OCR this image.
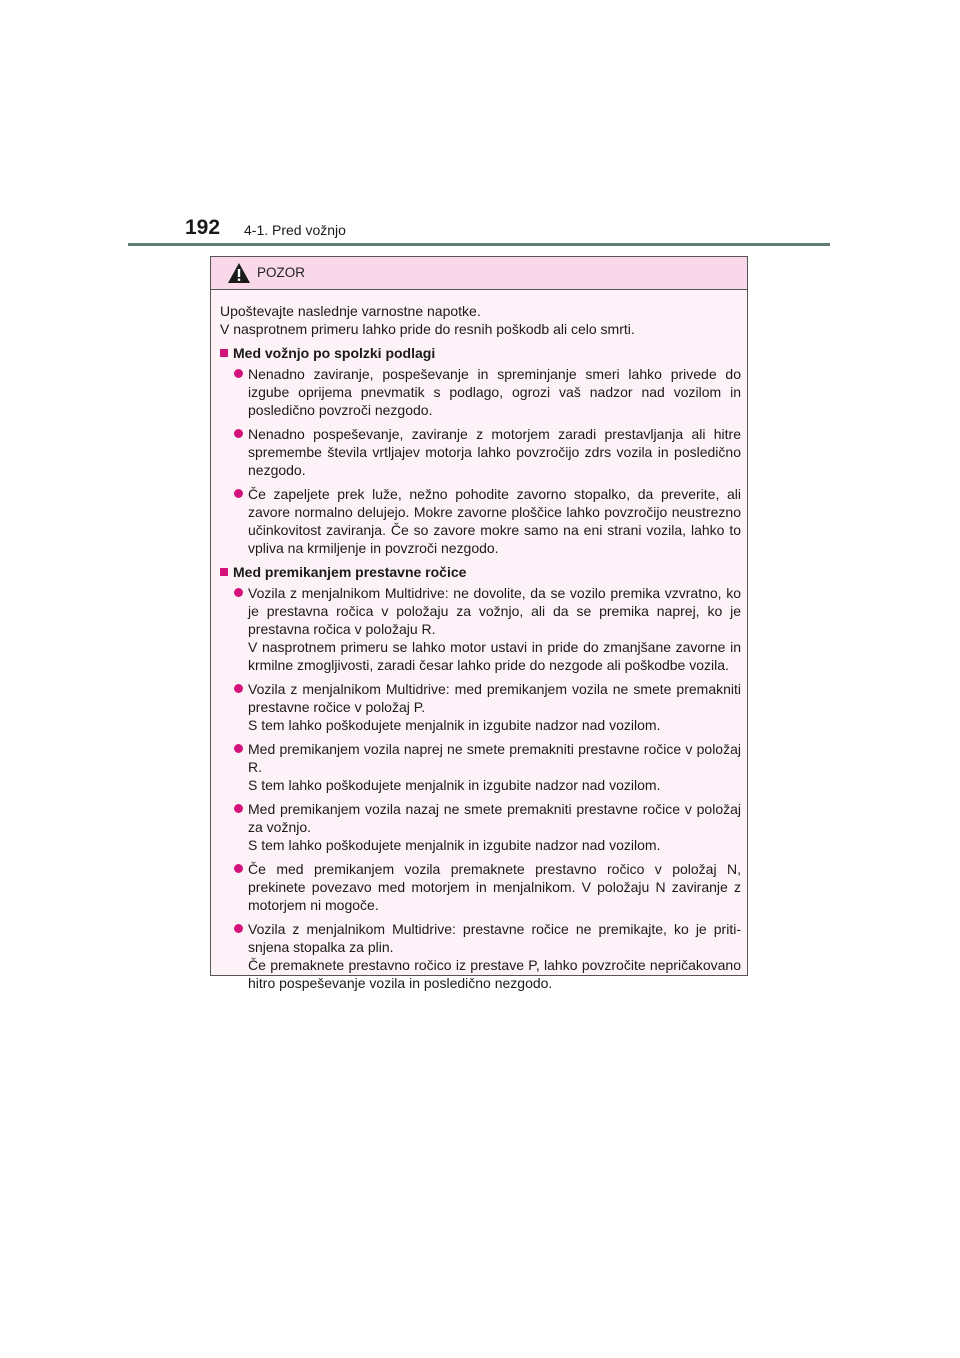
192 4-1. Pred vožnjo
POZOR

Upoštevajte naslednje varnostne napotke.

V nasprotnem primeru lahko pride do resnih poškodb ali celo smrti.

Med vožnjo po spolzki podlagi
Nenadno zaviranje, pospeševanje in spreminjanje smeri lahko privede do izgube oprijema pnevmatik s podlago, ogrozi vaš nadzor nad vozilom in posledično povzroči nezgodo.
Nenadno pospeševanje, zaviranje z motorjem zaradi prestavljanja ali hitre spremembe števila vrtljajev motorja lahko povzročijo zdrs vozila in posledično nezgodo.
Če zapeljete prek luže, nežno pohodite zavorno stopalko, da preverite, ali zavore normalno delujejo. Mokre zavorne ploščice lahko povzročijo neustrezno učinkovitost zaviranja. Če so zavore mokre samo na eni strani vozila, lahko to vpliva na krmiljenje in povzroči nezgodo.
Med premikanjem prestavne ročice
Vozila z menjalnikom Multidrive: ne dovolite, da se vozilo premika vzvratno, ko je prestavna ročica v položaju za vožnjo, ali da se premika naprej, ko je prestavna ročica v položaju R.
V nasprotnem primeru se lahko motor ustavi in pride do zmanjšane zavorne in krmilne zmogljivosti, zaradi česar lahko pride do nezgode ali poškodbe vozila.
Vozila z menjalnikom Multidrive: med premikanjem vozila ne smete premakniti prestavne ročice v položaj P.
S tem lahko poškodujete menjalnik in izgubite nadzor nad vozilom.
Med premikanjem vozila naprej ne smete premakniti prestavne ročice v položaj R.
S tem lahko poškodujete menjalnik in izgubite nadzor nad vozilom.
Med premikanjem vozila nazaj ne smete premakniti prestavne ročice v položaj za vožnjo.
S tem lahko poškodujete menjalnik in izgubite nadzor nad vozilom.
Če med premikanjem vozila premaknete prestavno ročico v položaj N, prekinete povezavo med motorjem in menjalnikom. V položaju N zaviranje z motorjem ni mogoče.
Vozila z menjalnikom Multidrive: prestavne ročice ne premikajte, ko je pritisnjena stopalka za plin.
Če premaknete prestavno ročico iz prestave P, lahko povzročite nepričakovano hitro pospeševanje vozila in posledično nezgodo.
